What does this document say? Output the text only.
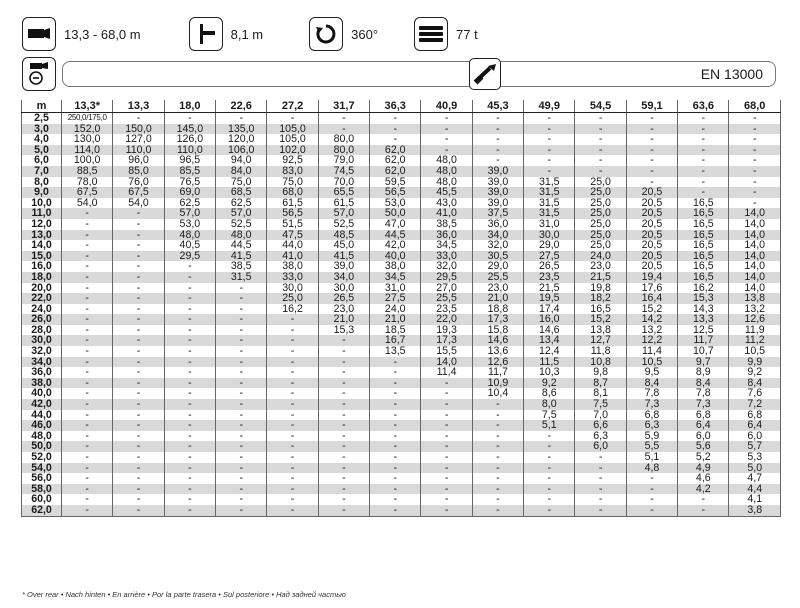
13,3 - 68,0 m	8,1 m	360°	77 t
EN 13000
m	13,3*	13,3	18,0	22,6	27,2	31,7	36,3	40,9	45,3	49,9	54,5	59,1	63,6	68,0
2,5	250,0/175,0	-	-	-	-	-	-	-	-	-	-	-	-	-
3,0	152,0	150,0	145,0	135,0	105,0	-	-	-	-	-	-	-	-	-
4,0	130,0	127,0	126,0	120,0	105,0	80,0	-	-	-	-	-	-	-	-
5,0	114,0	110,0	110,0	106,0	102,0	80,0	62,0	-	-	-	-	-	-	-
6,0	100,0	96,0	96,5	94,0	92,5	79,0	62,0	48,0	-	-	-	-	-	-
7,0	88,5	85,0	85,5	84,0	83,0	74,5	62,0	48,0	39,0	-	-	-	-	-
8,0	78,0	76,0	76,5	75,0	75,0	70,0	59,5	48,0	39,0	31,5	25,0	-	-	-
9,0	67,5	67,5	69,0	68,5	68,0	65,5	56,5	45,5	39,0	31,5	25,0	20,5	-	-
10,0	54,0	54,0	62,5	62,5	61,5	61,5	53,0	43,0	39,0	31,5	25,0	20,5	16,5	-
11,0	-	-	57,0	57,0	56,5	57,0	50,0	41,0	37,5	31,5	25,0	20,5	16,5	14,0
12,0	-	-	53,0	52,5	51,5	52,5	47,0	38,5	36,0	31,0	25,0	20,5	16,5	14,0
13,0	-	-	48,0	48,0	47,5	48,5	44,5	36,0	34,0	30,0	25,0	20,5	16,5	14,0
14,0	-	-	40,5	44,5	44,0	45,0	42,0	34,5	32,0	29,0	25,0	20,5	16,5	14,0
15,0	-	-	29,5	41,5	41,0	41,5	40,0	33,0	30,5	27,5	24,0	20,5	16,5	14,0
16,0	-	-	-	38,5	38,0	39,0	38,0	32,0	29,0	26,5	23,0	20,5	16,5	14,0
18,0	-	-	-	31,5	33,0	34,0	34,5	29,5	25,5	23,5	21,5	19,4	16,5	14,0
20,0	-	-	-	-	30,0	30,0	31,0	27,0	23,0	21,5	19,8	17,6	16,2	14,0
22,0	-	-	-	-	25,0	26,5	27,5	25,5	21,0	19,5	18,2	16,4	15,3	13,8
24,0	-	-	-	-	16,2	23,0	24,0	23,5	18,8	17,4	16,5	15,2	14,3	13,2
26,0	-	-	-	-	-	21,0	21,0	22,0	17,3	16,0	15,2	14,2	13,3	12,6
28,0	-	-	-	-	-	15,3	18,5	19,3	15,8	14,6	13,8	13,2	12,5	11,9
30,0	-	-	-	-	-	-	16,7	17,3	14,6	13,4	12,7	12,2	11,7	11,2
32,0	-	-	-	-	-	-	13,5	15,5	13,6	12,4	11,8	11,4	10,7	10,5
34,0	-	-	-	-	-	-	-	14,0	12,6	11,5	10,8	10,5	9,7	9,9
36,0	-	-	-	-	-	-	-	11,4	11,7	10,3	9,8	9,5	8,9	9,2
38,0	-	-	-	-	-	-	-	-	10,9	9,2	8,7	8,4	8,4	8,4
40,0	-	-	-	-	-	-	-	-	10,4	8,6	8,1	7,8	7,8	7,6
42,0	-	-	-	-	-	-	-	-	-	8,0	7,5	7,3	7,3	7,2
44,0	-	-	-	-	-	-	-	-	-	7,5	7,0	6,8	6,8	6,8
46,0	-	-	-	-	-	-	-	-	-	5,1	6,6	6,3	6,4	6,4
48,0	-	-	-	-	-	-	-	-	-	-	6,3	5,9	6,0	6,0
50,0	-	-	-	-	-	-	-	-	-	-	6,0	5,5	5,6	5,7
52,0	-	-	-	-	-	-	-	-	-	-	-	5,1	5,2	5,3
54,0	-	-	-	-	-	-	-	-	-	-	-	4,8	4,9	5,0
56,0	-	-	-	-	-	-	-	-	-	-	-	-	4,6	4,7
58,0	-	-	-	-	-	-	-	-	-	-	-	-	4,2	4,4
60,0	-	-	-	-	-	-	-	-	-	-	-	-	-	4,1
62,0	-	-	-	-	-	-	-	-	-	-	-	-	-	3,8
* Over rear • Nach hinten • En arrière • Por la parte trasera • Sul posteriore • Над задней частью
